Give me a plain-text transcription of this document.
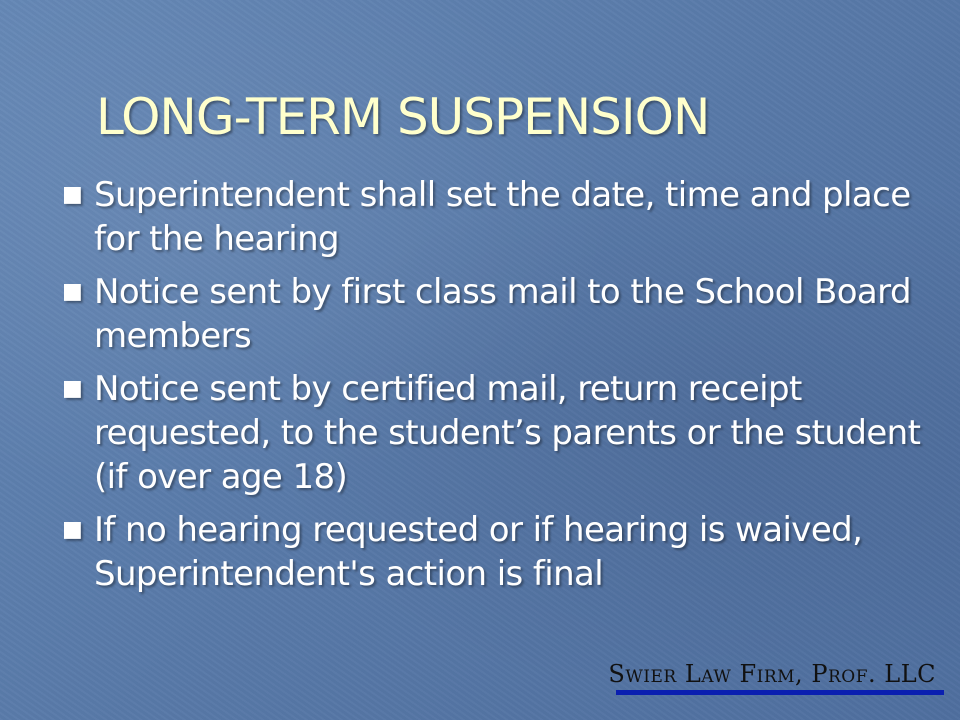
LONG-TERM SUSPENSION
■ Superintendent shall set the date, time and place for the hearing
■ Notice sent by first class mail to the School Board members
■ Notice sent by certified mail, return receipt requested, to the student’s parents or the student (if over age 18)
■ If no hearing requested or if hearing is waived, Superintendent's action is final
Swier Law Firm, Prof. LLC
